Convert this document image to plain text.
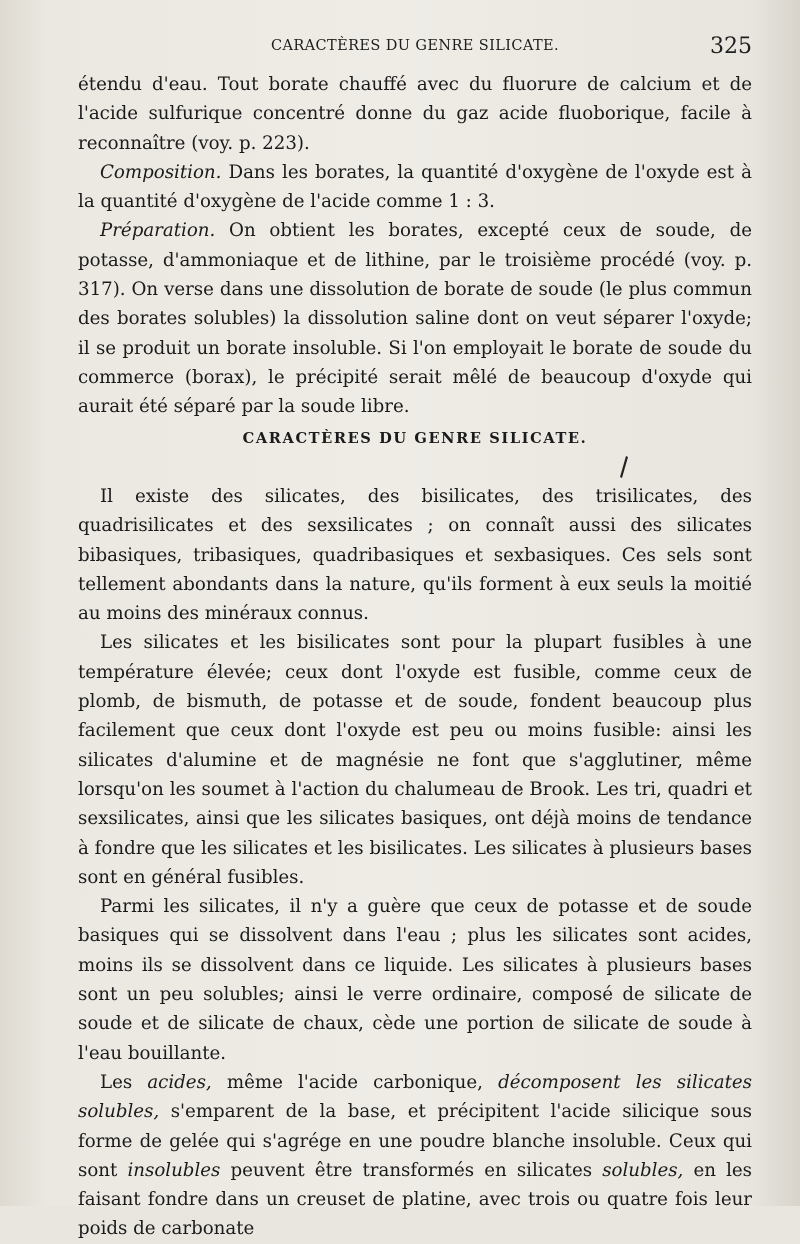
CARACTÈRES DU GENRE SILICATE.	325

étendu d'eau. Tout borate chauffé avec du fluorure de calcium et de l'acide sulfurique concentré donne du gaz acide fluoborique, facile à reconnaître (voy. p. 223).

Composition. Dans les borates, la quantité d'oxygène de l'oxyde est à la quantité d'oxygène de l'acide comme 1 : 3.

Préparation. On obtient les borates, excepté ceux de soude, de potasse, d'ammoniaque et de lithine, par le troisième procédé (voy. p. 317). On verse dans une dissolution de borate de soude (le plus commun des borates solubles) la dissolution saline dont on veut séparer l'oxyde; il se produit un borate insoluble. Si l'on employait le borate de soude du commerce (borax), le précipité serait mêlé de beaucoup d'oxyde qui aurait été séparé par la soude libre.

CARACTÈRES DU GENRE SILICATE.

Il existe des silicates, des bisilicates, des trisilicates, des quadrisilicates et des sexsilicates ; on connaît aussi des silicates bibasiques, tribasiques, quadribasiques et sexbasiques. Ces sels sont tellement abondants dans la nature, qu'ils forment à eux seuls la moitié au moins des minéraux connus.

Les silicates et les bisilicates sont pour la plupart fusibles à une température élevée; ceux dont l'oxyde est fusible, comme ceux de plomb, de bismuth, de potasse et de soude, fondent beaucoup plus facilement que ceux dont l'oxyde est peu ou moins fusible: ainsi les silicates d'alumine et de magnésie ne font que s'agglutiner, même lorsqu'on les soumet à l'action du chalumeau de Brook. Les tri, quadri et sexsilicates, ainsi que les silicates basiques, ont déjà moins de tendance à fondre que les silicates et les bisilicates. Les silicates à plusieurs bases sont en général fusibles.

Parmi les silicates, il n'y a guère que ceux de potasse et de soude basiques qui se dissolvent dans l'eau ; plus les silicates sont acides, moins ils se dissolvent dans ce liquide. Les silicates à plusieurs bases sont un peu solubles; ainsi le verre ordinaire, composé de silicate de soude et de silicate de chaux, cède une portion de silicate de soude à l'eau bouillante.

Les acides, même l'acide carbonique, décomposent les silicates solubles, s'emparent de la base, et précipitent l'acide silicique sous forme de gelée qui s'agrége en une poudre blanche insoluble. Ceux qui sont insolubles peuvent être transformés en silicates solubles, en les faisant fondre dans un creuset de platine, avec trois ou quatre fois leur poids de carbonate
